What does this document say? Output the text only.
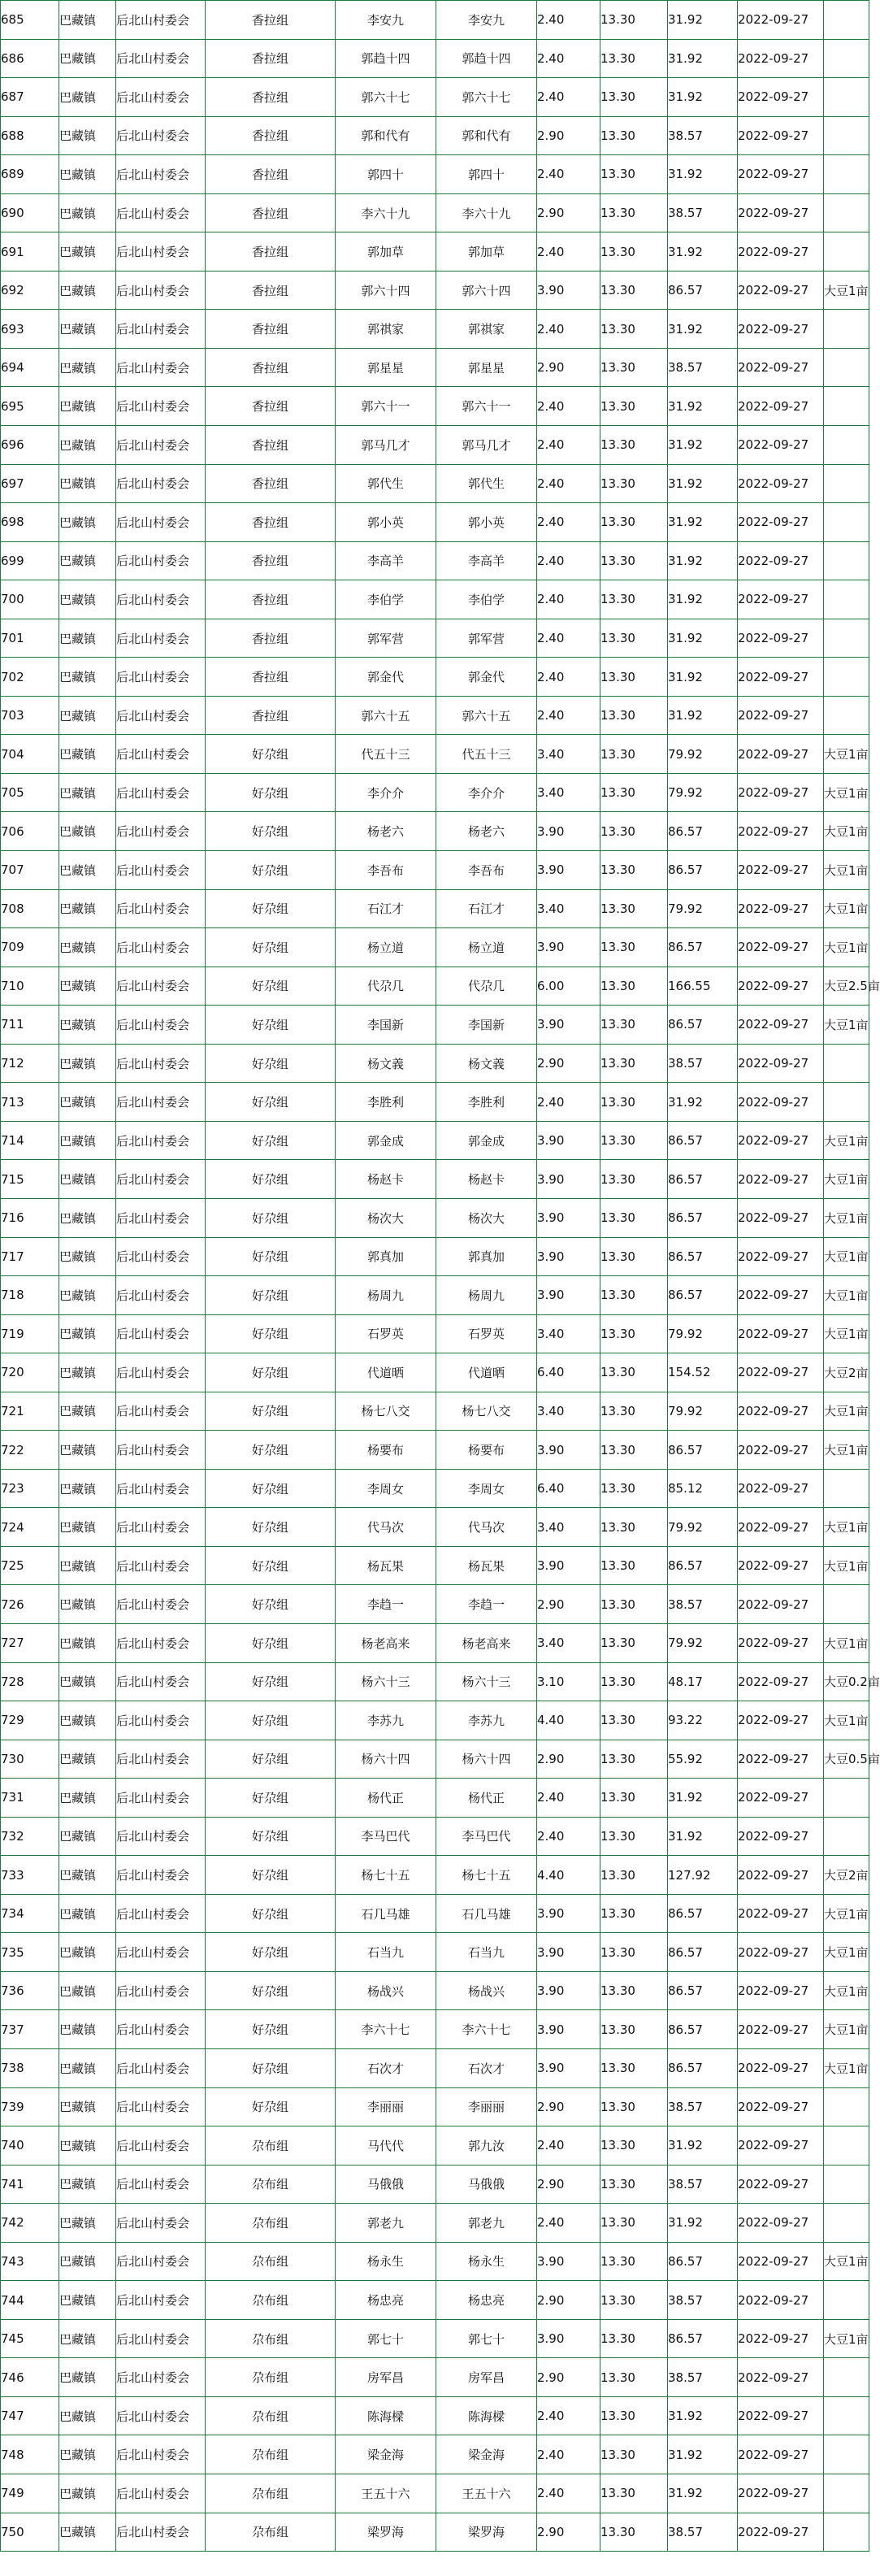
685	巴藏镇	后北山村委会	香拉组	李安九	李安九	2.40	13.30	31.92	2022-09-27	
686	巴藏镇	后北山村委会	香拉组	郭趋十四	郭趋十四	2.40	13.30	31.92	2022-09-27	
687	巴藏镇	后北山村委会	香拉组	郭六十七	郭六十七	2.40	13.30	31.92	2022-09-27	
688	巴藏镇	后北山村委会	香拉组	郭和代有	郭和代有	2.90	13.30	38.57	2022-09-27	
689	巴藏镇	后北山村委会	香拉组	郭四十	郭四十	2.40	13.30	31.92	2022-09-27	
690	巴藏镇	后北山村委会	香拉组	李六十九	李六十九	2.90	13.30	38.57	2022-09-27	
691	巴藏镇	后北山村委会	香拉组	郭加草	郭加草	2.40	13.30	31.92	2022-09-27	
692	巴藏镇	后北山村委会	香拉组	郭六十四	郭六十四	3.90	13.30	86.57	2022-09-27	大豆1亩
693	巴藏镇	后北山村委会	香拉组	郭祺家	郭祺家	2.40	13.30	31.92	2022-09-27	
694	巴藏镇	后北山村委会	香拉组	郭星星	郭星星	2.90	13.30	38.57	2022-09-27	
695	巴藏镇	后北山村委会	香拉组	郭六十一	郭六十一	2.40	13.30	31.92	2022-09-27	
696	巴藏镇	后北山村委会	香拉组	郭马几才	郭马几才	2.40	13.30	31.92	2022-09-27	
697	巴藏镇	后北山村委会	香拉组	郭代生	郭代生	2.40	13.30	31.92	2022-09-27	
698	巴藏镇	后北山村委会	香拉组	郭小英	郭小英	2.40	13.30	31.92	2022-09-27	
699	巴藏镇	后北山村委会	香拉组	李高羊	李高羊	2.40	13.30	31.92	2022-09-27	
700	巴藏镇	后北山村委会	香拉组	李伯学	李伯学	2.40	13.30	31.92	2022-09-27	
701	巴藏镇	后北山村委会	香拉组	郭军营	郭军营	2.40	13.30	31.92	2022-09-27	
702	巴藏镇	后北山村委会	香拉组	郭金代	郭金代	2.40	13.30	31.92	2022-09-27	
703	巴藏镇	后北山村委会	香拉组	郭六十五	郭六十五	2.40	13.30	31.92	2022-09-27	
704	巴藏镇	后北山村委会	好尕组	代五十三	代五十三	3.40	13.30	79.92	2022-09-27	大豆1亩
705	巴藏镇	后北山村委会	好尕组	李介介	李介介	3.40	13.30	79.92	2022-09-27	大豆1亩
706	巴藏镇	后北山村委会	好尕组	杨老六	杨老六	3.90	13.30	86.57	2022-09-27	大豆1亩
707	巴藏镇	后北山村委会	好尕组	李吾布	李吾布	3.90	13.30	86.57	2022-09-27	大豆1亩
708	巴藏镇	后北山村委会	好尕组	石江才	石江才	3.40	13.30	79.92	2022-09-27	大豆1亩
709	巴藏镇	后北山村委会	好尕组	杨立道	杨立道	3.90	13.30	86.57	2022-09-27	大豆1亩
710	巴藏镇	后北山村委会	好尕组	代尕几	代尕几	6.00	13.30	166.55	2022-09-27	大豆2.5亩
711	巴藏镇	后北山村委会	好尕组	李国新	李国新	3.90	13.30	86.57	2022-09-27	大豆1亩
712	巴藏镇	后北山村委会	好尕组	杨文義	杨文義	2.90	13.30	38.57	2022-09-27	
713	巴藏镇	后北山村委会	好尕组	李胜利	李胜利	2.40	13.30	31.92	2022-09-27	
714	巴藏镇	后北山村委会	好尕组	郭金成	郭金成	3.90	13.30	86.57	2022-09-27	大豆1亩
715	巴藏镇	后北山村委会	好尕组	杨赵卡	杨赵卡	3.90	13.30	86.57	2022-09-27	大豆1亩
716	巴藏镇	后北山村委会	好尕组	杨次大	杨次大	3.90	13.30	86.57	2022-09-27	大豆1亩
717	巴藏镇	后北山村委会	好尕组	郭真加	郭真加	3.90	13.30	86.57	2022-09-27	大豆1亩
718	巴藏镇	后北山村委会	好尕组	杨周九	杨周九	3.90	13.30	86.57	2022-09-27	大豆1亩
719	巴藏镇	后北山村委会	好尕组	石罗英	石罗英	3.40	13.30	79.92	2022-09-27	大豆1亩
720	巴藏镇	后北山村委会	好尕组	代道晒	代道晒	6.40	13.30	154.52	2022-09-27	大豆2亩
721	巴藏镇	后北山村委会	好尕组	杨七八交	杨七八交	3.40	13.30	79.92	2022-09-27	大豆1亩
722	巴藏镇	后北山村委会	好尕组	杨要布	杨要布	3.90	13.30	86.57	2022-09-27	大豆1亩
723	巴藏镇	后北山村委会	好尕组	李周女	李周女	6.40	13.30	85.12	2022-09-27	
724	巴藏镇	后北山村委会	好尕组	代马次	代马次	3.40	13.30	79.92	2022-09-27	大豆1亩
725	巴藏镇	后北山村委会	好尕组	杨瓦果	杨瓦果	3.90	13.30	86.57	2022-09-27	大豆1亩
726	巴藏镇	后北山村委会	好尕组	李趋一	李趋一	2.90	13.30	38.57	2022-09-27	
727	巴藏镇	后北山村委会	好尕组	杨老高来	杨老高来	3.40	13.30	79.92	2022-09-27	大豆1亩
728	巴藏镇	后北山村委会	好尕组	杨六十三	杨六十三	3.10	13.30	48.17	2022-09-27	大豆0.2亩
729	巴藏镇	后北山村委会	好尕组	李苏九	李苏九	4.40	13.30	93.22	2022-09-27	大豆1亩
730	巴藏镇	后北山村委会	好尕组	杨六十四	杨六十四	2.90	13.30	55.92	2022-09-27	大豆0.5亩
731	巴藏镇	后北山村委会	好尕组	杨代正	杨代正	2.40	13.30	31.92	2022-09-27	
732	巴藏镇	后北山村委会	好尕组	李马巴代	李马巴代	2.40	13.30	31.92	2022-09-27	
733	巴藏镇	后北山村委会	好尕组	杨七十五	杨七十五	4.40	13.30	127.92	2022-09-27	大豆2亩
734	巴藏镇	后北山村委会	好尕组	石几马雄	石几马雄	3.90	13.30	86.57	2022-09-27	大豆1亩
735	巴藏镇	后北山村委会	好尕组	石当九	石当九	3.90	13.30	86.57	2022-09-27	大豆1亩
736	巴藏镇	后北山村委会	好尕组	杨战兴	杨战兴	3.90	13.30	86.57	2022-09-27	大豆1亩
737	巴藏镇	后北山村委会	好尕组	李六十七	李六十七	3.90	13.30	86.57	2022-09-27	大豆1亩
738	巴藏镇	后北山村委会	好尕组	石次才	石次才	3.90	13.30	86.57	2022-09-27	大豆1亩
739	巴藏镇	后北山村委会	好尕组	李丽丽	李丽丽	2.90	13.30	38.57	2022-09-27	
740	巴藏镇	后北山村委会	尕布组	马代代	郭九汝	2.40	13.30	31.92	2022-09-27	
741	巴藏镇	后北山村委会	尕布组	马俄俄	马俄俄	2.90	13.30	38.57	2022-09-27	
742	巴藏镇	后北山村委会	尕布组	郭老九	郭老九	2.40	13.30	31.92	2022-09-27	
743	巴藏镇	后北山村委会	尕布组	杨永生	杨永生	3.90	13.30	86.57	2022-09-27	大豆1亩
744	巴藏镇	后北山村委会	尕布组	杨忠亮	杨忠亮	2.90	13.30	38.57	2022-09-27	
745	巴藏镇	后北山村委会	尕布组	郭七十	郭七十	3.90	13.30	86.57	2022-09-27	大豆1亩
746	巴藏镇	后北山村委会	尕布组	房军昌	房军昌	2.90	13.30	38.57	2022-09-27	
747	巴藏镇	后北山村委会	尕布组	陈海樑	陈海樑	2.40	13.30	31.92	2022-09-27	
748	巴藏镇	后北山村委会	尕布组	梁金海	梁金海	2.40	13.30	31.92	2022-09-27	
749	巴藏镇	后北山村委会	尕布组	王五十六	王五十六	2.40	13.30	31.92	2022-09-27	
750	巴藏镇	后北山村委会	尕布组	梁罗海	梁罗海	2.90	13.30	38.57	2022-09-27	
